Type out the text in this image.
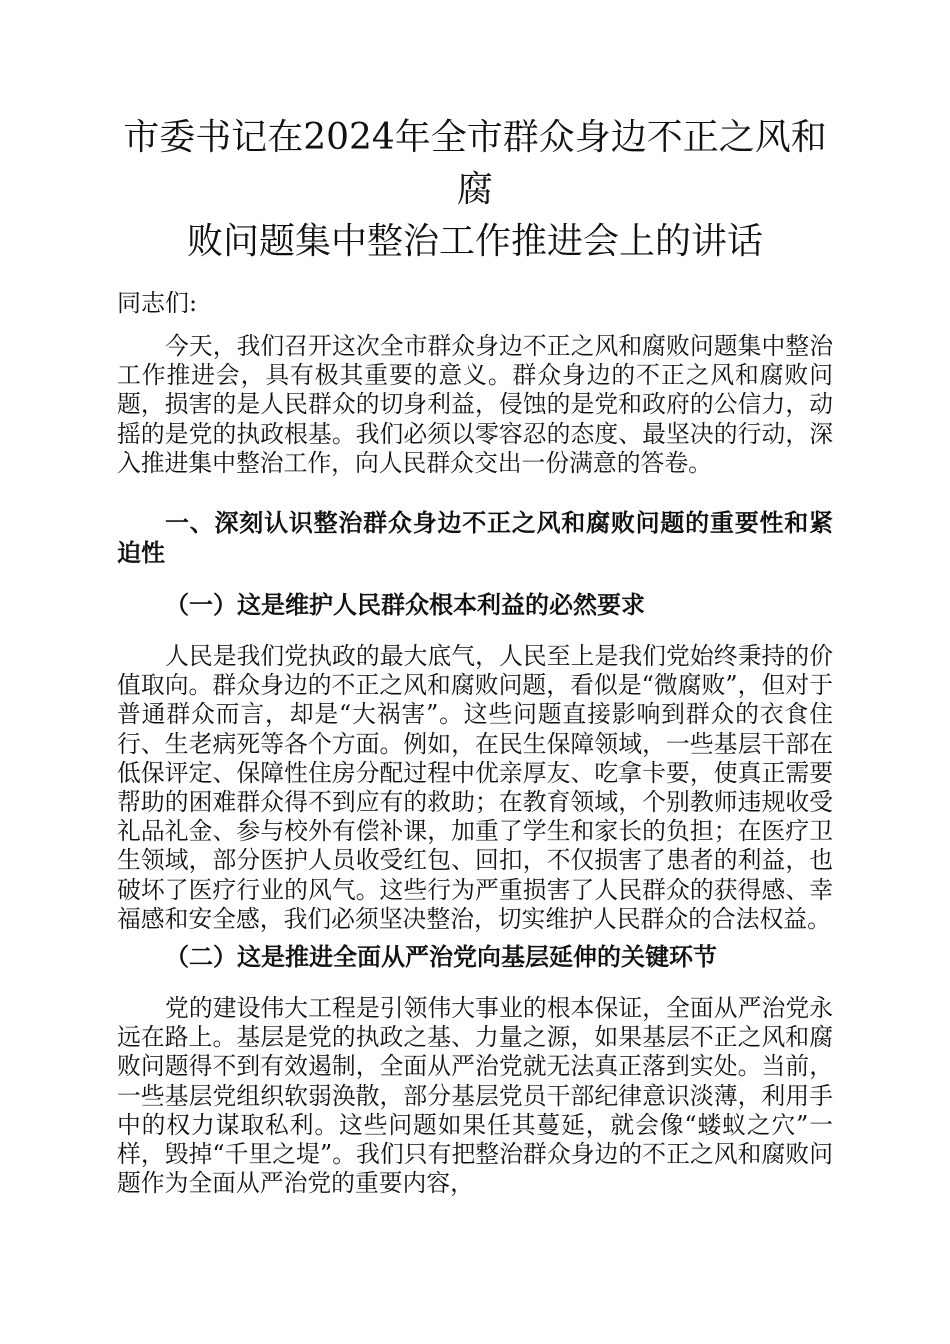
市委书记在2024年全市群众身边不正之风和腐
败问题集中整治工作推进会上的讲话
同志们:

今天，我们召开这次全市群众身边不正之风和腐败问题集中整治工作推进会，具有极其重要的意义。群众身边的不正之风和腐败问题，损害的是人民群众的切身利益，侵蚀的是党和政府的公信力，动摇的是党的执政根基。我们必须以零容忍的态度、最坚决的行动，深入推进集中整治工作，向人民群众交出一份满意的答卷。

一、深刻认识整治群众身边不正之风和腐败问题的重要性和紧迫性
（一）这是维护人民群众根本利益的必然要求

人民是我们党执政的最大底气，人民至上是我们党始终秉持的价值取向。群众身边的不正之风和腐败问题，看似是“微腐败”，但对于普通群众而言，却是“大祸害”。这些问题直接影响到群众的衣食住行、生老病死等各个方面。例如，在民生保障领域，一些基层干部在低保评定、保障性住房分配过程中优亲厚友、吃拿卡要，使真正需要帮助的困难群众得不到应有的救助；在教育领域，个别教师违规收受礼品礼金、参与校外有偿补课，加重了学生和家长的负担；在医疗卫生领域，部分医护人员收受红包、回扣，不仅损害了患者的利益，也破坏了医疗行业的风气。这些行为严重损害了人民群众的获得感、幸福感和安全感，我们必须坚决整治，切实维护人民群众的合法权益。

（二）这是推进全面从严治党向基层延伸的关键环节

党的建设伟大工程是引领伟大事业的根本保证，全面从严治党永远在路上。基层是党的执政之基、力量之源，如果基层不正之风和腐败问题得不到有效遏制，全面从严治党就无法真正落到实处。当前，一些基层党组织软弱涣散，部分基层党员干部纪律意识淡薄，利用手中的权力谋取私利。这些问题如果任其蔓延，就会像“蝼蚁之穴”一样，毁掉“千里之堤”。我们只有把整治群众身边的不正之风和腐败问题作为全面从严治党的重要内容，
